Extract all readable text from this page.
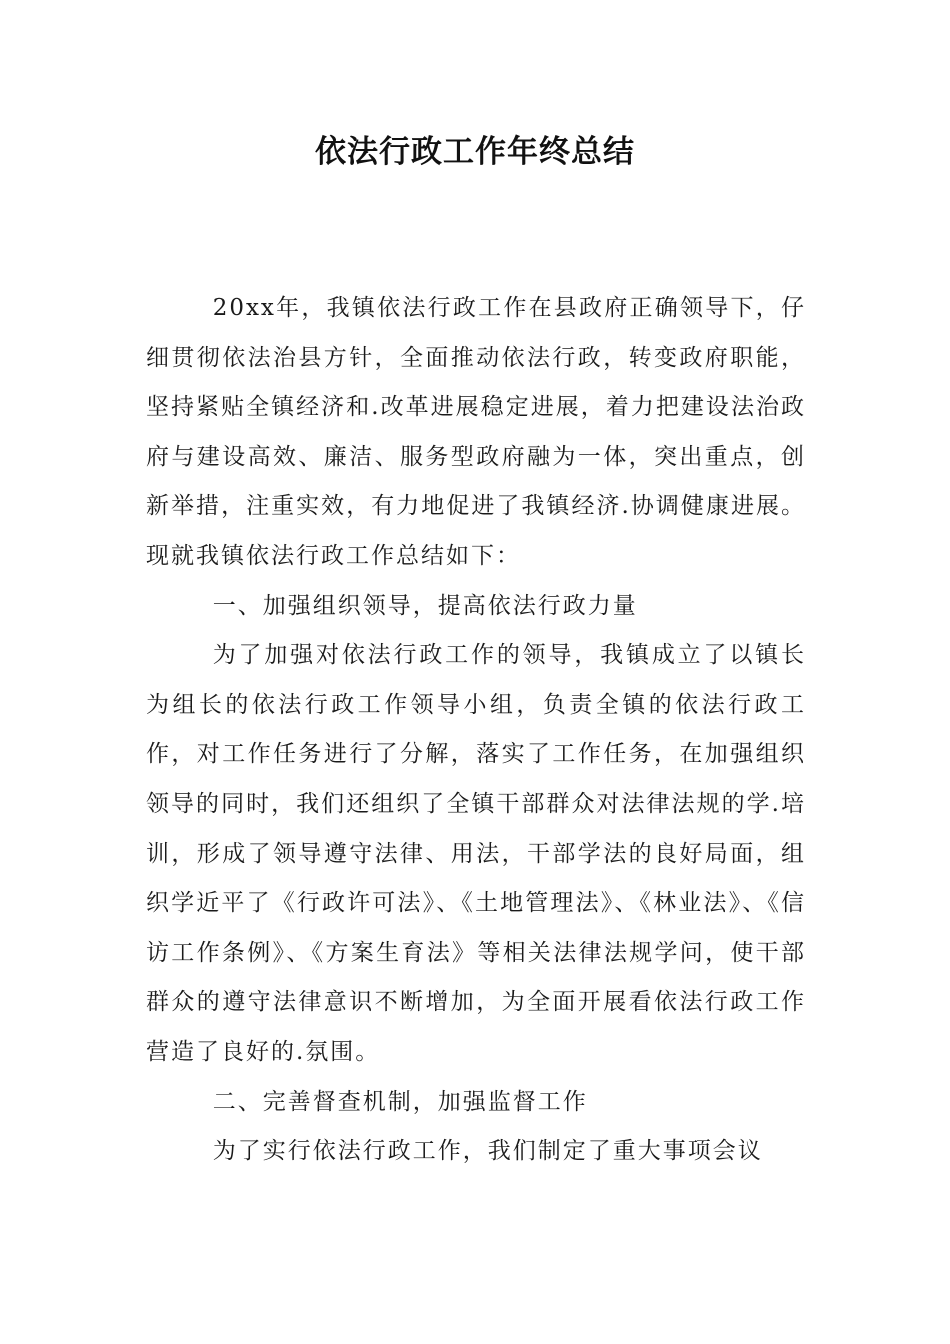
依法行政工作年终总结

20xx年，我镇依法行政工作在县政府正确领导下，仔细贯彻依法治县方针，全面推动依法行政，转变政府职能，坚持紧贴全镇经济和.改革进展稳定进展，着力把建设法治政府与建设高效、廉洁、服务型政府融为一体，突出重点，创新举措，注重实效，有力地促进了我镇经济.协调健康进展。现就我镇依法行政工作总结如下：

一、加强组织领导，提高依法行政力量

为了加强对依法行政工作的领导，我镇成立了以镇长为组长的依法行政工作领导小组，负责全镇的依法行政工作，对工作任务进行了分解，落实了工作任务，在加强组织领导的同时，我们还组织了全镇干部群众对法律法规的学.培训，形成了领导遵守法律、用法，干部学法的良好局面，组织学近平了《行政许可法》、《土地管理法》、《林业法》、《信访工作条例》、《方案生育法》等相关法律法规学问，使干部群众的遵守法律意识不断增加，为全面开展看依法行政工作营造了良好的.氛围。

二、完善督查机制，加强监督工作

为了实行依法行政工作，我们制定了重大事项会议
